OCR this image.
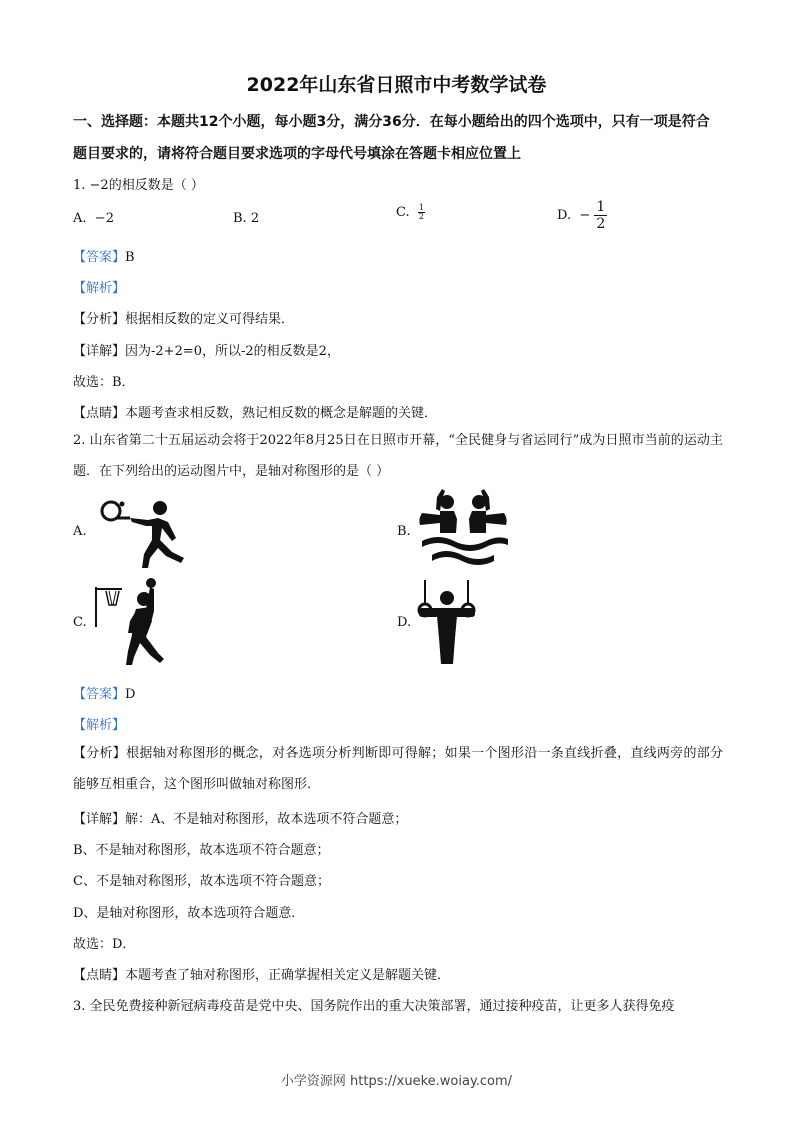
2022年山东省日照市中考数学试卷
一、选择题：本题共12个小题，每小题3分，满分36分．在每小题给出的四个选项中，只有一项是符合题目要求的，请将符合题目要求选项的字母代号填涂在答题卡相应位置上
1. −2的相反数是（ ）
A. −2	B. 2	C. $\frac{1}{2}$	D. − $\frac{1}{2}$
【答案】B
【解析】
【分析】根据相反数的定义可得结果．
【详解】因为-2+2=0，所以-2的相反数是2，
故选：B．
【点睛】本题考查求相反数，熟记相反数的概念是解题的关键．
2. 山东省第二十五届运动会将于2022年8月25日在日照市开幕，“全民健身与省运同行”成为日照市当前的运动主题．在下列给出的运动图片中，是轴对称图形的是（ ）
A.	B.
C.	D.
【答案】D
【解析】
【分析】根据轴对称图形的概念，对各选项分析判断即可得解；如果一个图形沿一条直线折叠，直线两旁的部分能够互相重合，这个图形叫做轴对称图形．
【详解】解：A、不是轴对称图形，故本选项不符合题意；
B、不是轴对称图形，故本选项不符合题意；
C、不是轴对称图形，故本选项不符合题意；
D、是轴对称图形，故本选项符合题意．
故选：D．
【点睛】本题考查了轴对称图形，正确掌握相关定义是解题关键．
3. 全民免费接种新冠病毒疫苗是党中央、国务院作出的重大决策部署，通过接种疫苗，让更多人获得免疫
小学资源网 https://xueke.woiay.com/
